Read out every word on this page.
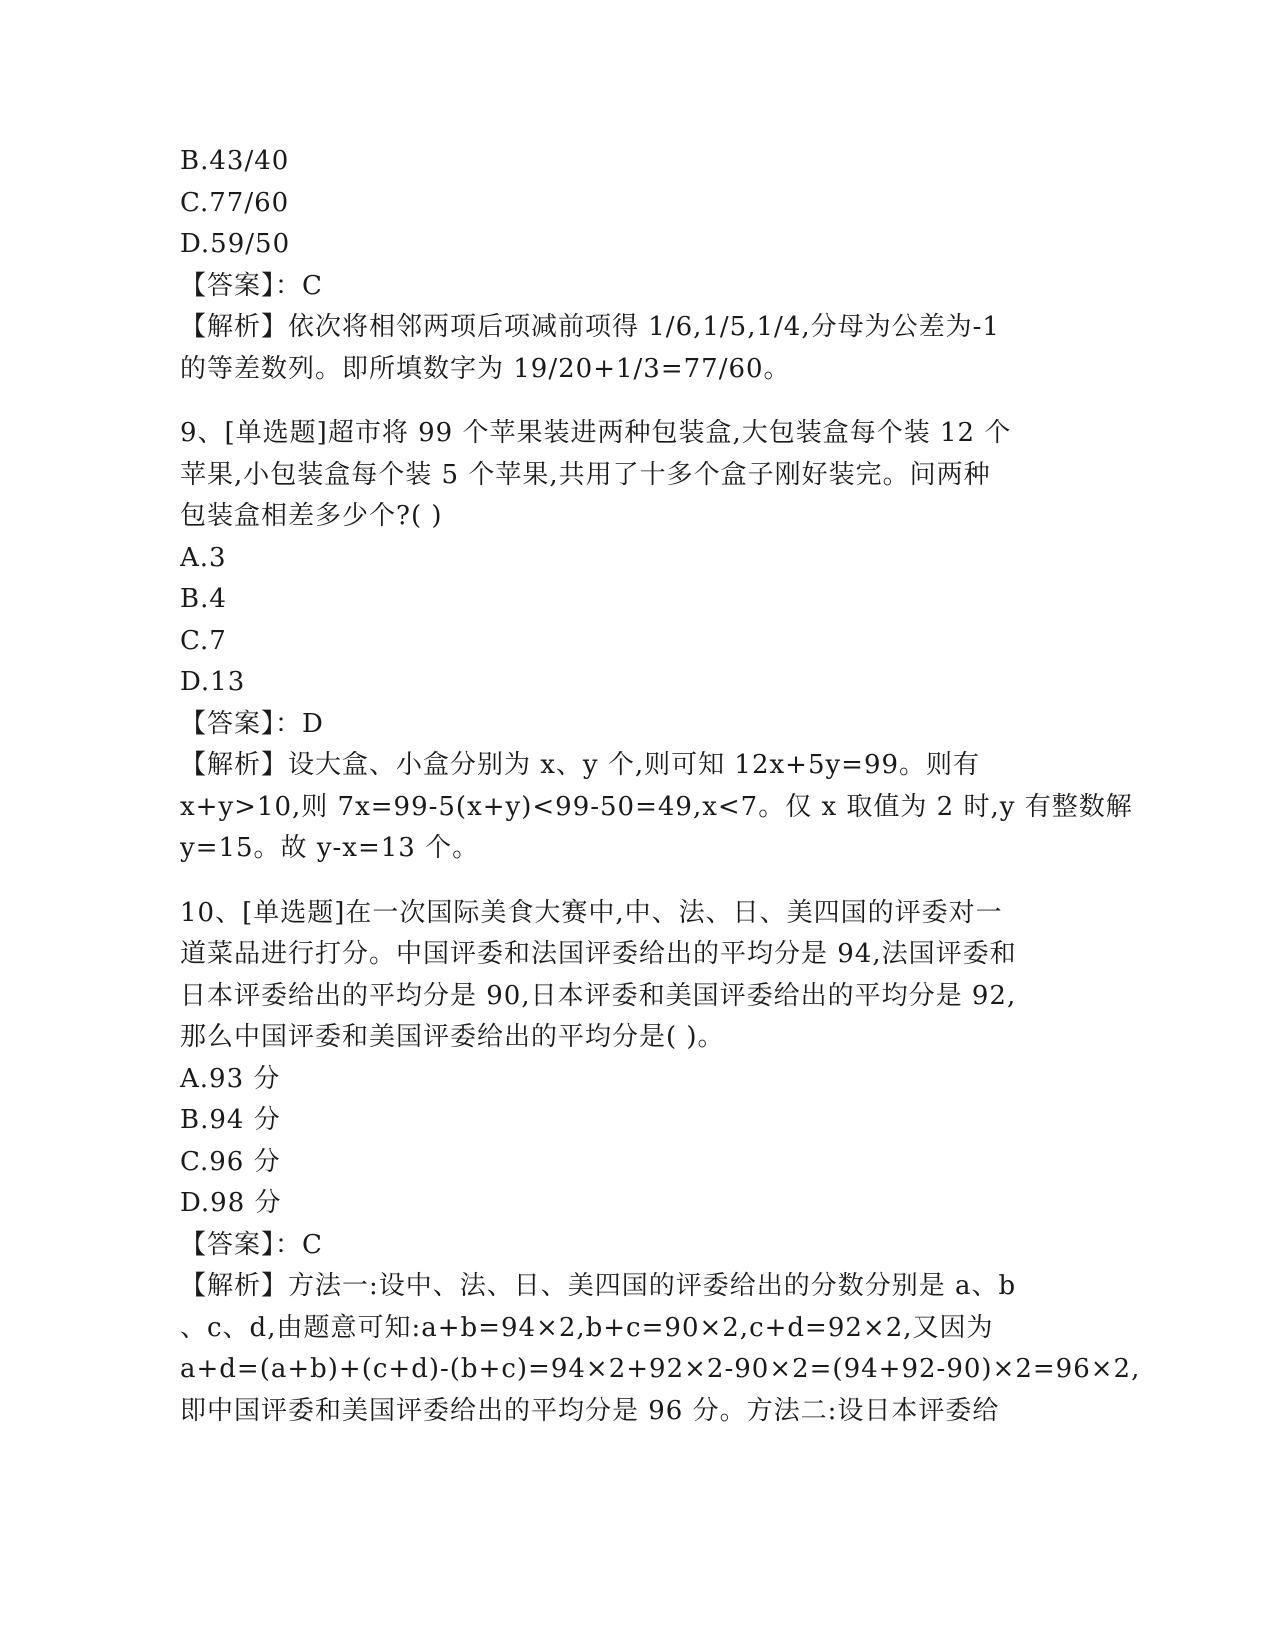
B.43/40
C.77/60
D.59/50
【答案】：C
【解析】依次将相邻两项后项减前项得 1/6,1/5,1/4,分母为公差为-1
的等差数列。即所填数字为 19/20+1/3=77/60。
9、[单选题]超市将 99 个苹果装进两种包装盒,大包装盒每个装 12 个
苹果,小包装盒每个装 5 个苹果,共用了十多个盒子刚好装完。问两种
包装盒相差多少个?( )
A.3
B.4
C.7
D.13
【答案】：D
【解析】设大盒、小盒分别为 x、y 个,则可知 12x+5y=99。则有
x+y>10,则 7x=99-5(x+y)<99-50=49,x<7。仅 x 取值为 2 时,y 有整数解
y=15。故 y-x=13 个。
10、[单选题]在一次国际美食大赛中,中、法、日、美四国的评委对一
道菜品进行打分。中国评委和法国评委给出的平均分是 94,法国评委和
日本评委给出的平均分是 90,日本评委和美国评委给出的平均分是 92,
那么中国评委和美国评委给出的平均分是( )。
A.93 分
B.94 分
C.96 分
D.98 分
【答案】：C
【解析】方法一:设中、法、日、美四国的评委给出的分数分别是 a、b
、c、d,由题意可知:a+b=94×2,b+c=90×2,c+d=92×2,又因为
a+d=(a+b)+(c+d)-(b+c)=94×2+92×2-90×2=(94+92-90)×2=96×2,
即中国评委和美国评委给出的平均分是 96 分。方法二:设日本评委给
